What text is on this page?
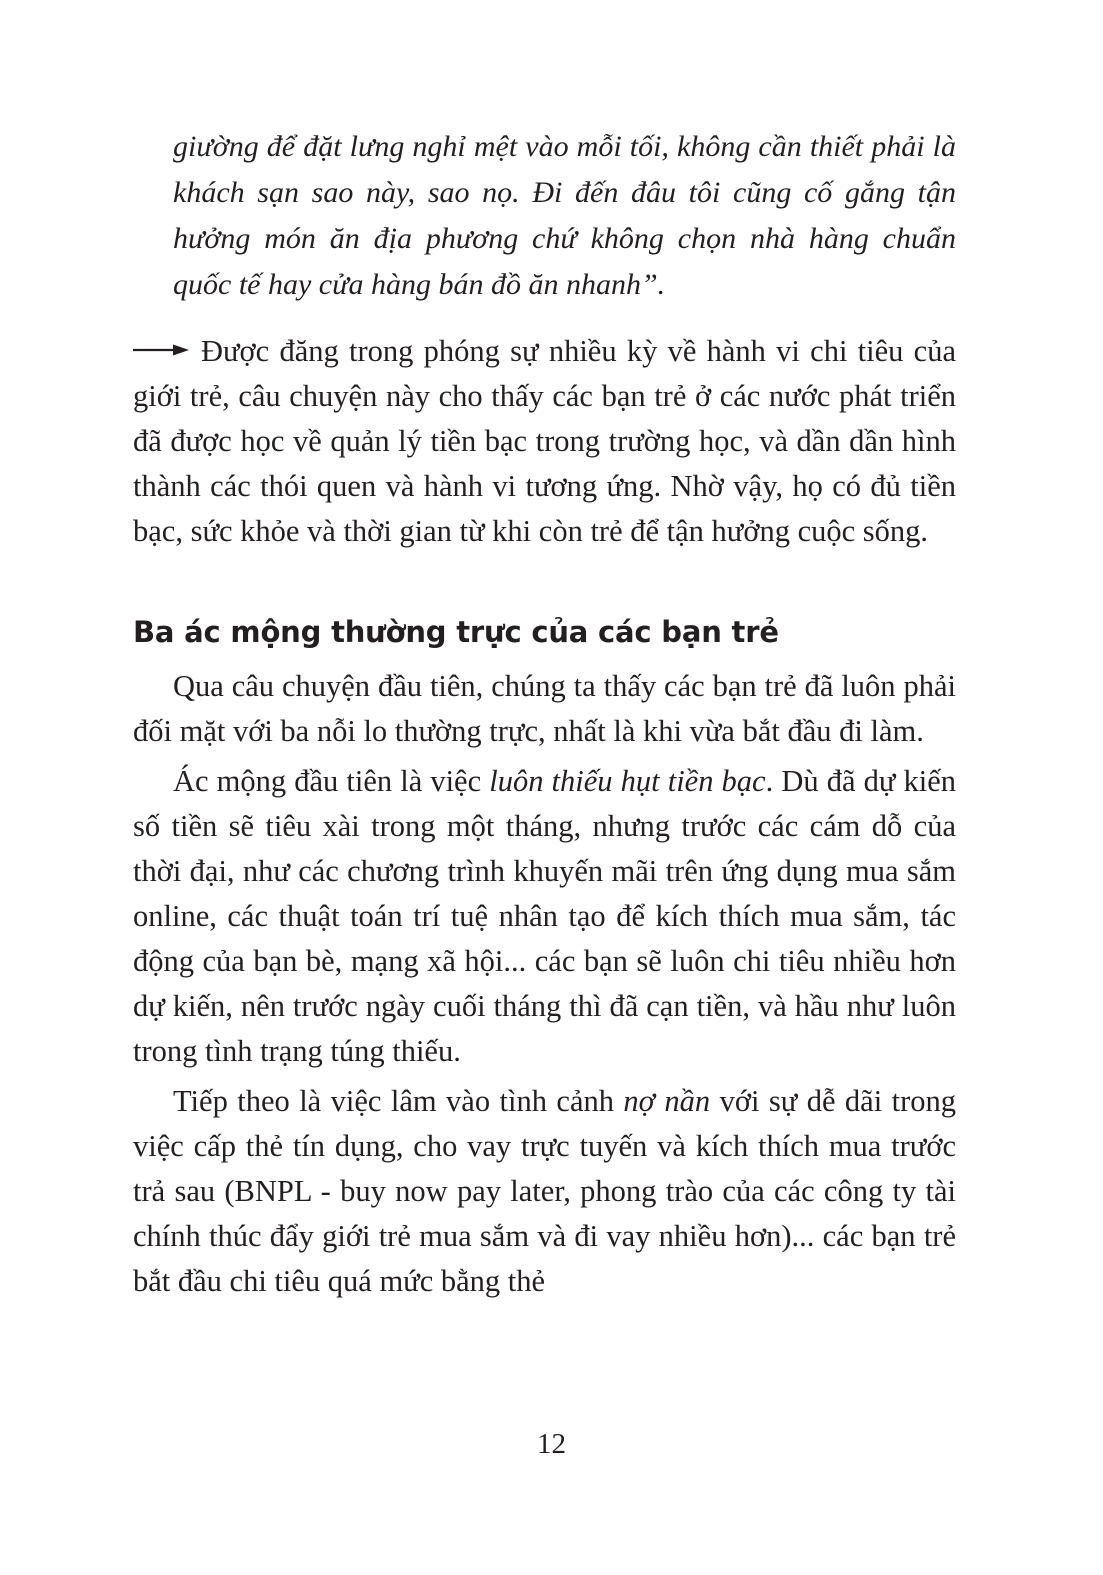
giường để đặt lưng nghỉ mệt vào mỗi tối, không cần thiết phải là khách sạn sao này, sao nọ. Đi đến đâu tôi cũng cố gắng tận hưởng món ăn địa phương chứ không chọn nhà hàng chuẩn quốc tế hay cửa hàng bán đồ ăn nhanh”.

Được đăng trong phóng sự nhiều kỳ về hành vi chi tiêu của giới trẻ, câu chuyện này cho thấy các bạn trẻ ở các nước phát triển đã được học về quản lý tiền bạc trong trường học, và dần dần hình thành các thói quen và hành vi tương ứng. Nhờ vậy, họ có đủ tiền bạc, sức khỏe và thời gian từ khi còn trẻ để tận hưởng cuộc sống.

Ba ác mộng thường trực của các bạn trẻ

Qua câu chuyện đầu tiên, chúng ta thấy các bạn trẻ đã luôn phải đối mặt với ba nỗi lo thường trực, nhất là khi vừa bắt đầu đi làm.

Ác mộng đầu tiên là việc luôn thiếu hụt tiền bạc. Dù đã dự kiến số tiền sẽ tiêu xài trong một tháng, nhưng trước các cám dỗ của thời đại, như các chương trình khuyến mãi trên ứng dụng mua sắm online, các thuật toán trí tuệ nhân tạo để kích thích mua sắm, tác động của bạn bè, mạng xã hội... các bạn sẽ luôn chi tiêu nhiều hơn dự kiến, nên trước ngày cuối tháng thì đã cạn tiền, và hầu như luôn trong tình trạng túng thiếu.

Tiếp theo là việc lâm vào tình cảnh nợ nần với sự dễ dãi trong việc cấp thẻ tín dụng, cho vay trực tuyến và kích thích mua trước trả sau (BNPL - buy now pay later, phong trào của các công ty tài chính thúc đẩy giới trẻ mua sắm và đi vay nhiều hơn)... các bạn trẻ bắt đầu chi tiêu quá mức bằng thẻ

12
